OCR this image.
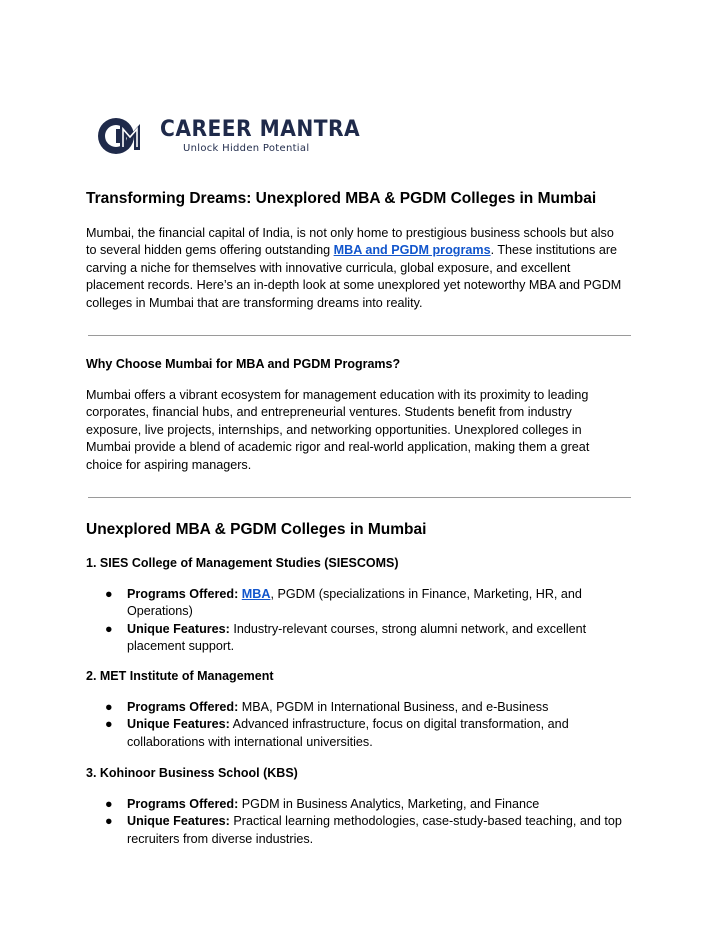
CAREER MANTRA
Unlock Hidden Potential
Transforming Dreams: Unexplored MBA & PGDM Colleges in Mumbai

Mumbai, the financial capital of India, is not only home to prestigious business schools but also
to several hidden gems offering outstanding MBA and PGDM programs. These institutions are
carving a niche for themselves with innovative curricula, global exposure, and excellent
placement records. Here’s an in-depth look at some unexplored yet noteworthy MBA and PGDM
colleges in Mumbai that are transforming dreams into reality.

Why Choose Mumbai for MBA and PGDM Programs?

Mumbai offers a vibrant ecosystem for management education with its proximity to leading
corporates, financial hubs, and entrepreneurial ventures. Students benefit from industry
exposure, live projects, internships, and networking opportunities. Unexplored colleges in
Mumbai provide a blend of academic rigor and real-world application, making them a great
choice for aspiring managers.

Unexplored MBA & PGDM Colleges in Mumbai
1. SIES College of Management Studies (SIESCOMS)
● Programs Offered: MBA, PGDM (specializations in Finance, Marketing, HR, and
Operations)
● Unique Features: Industry-relevant courses, strong alumni network, and excellent
placement support.
2. MET Institute of Management
● Programs Offered: MBA, PGDM in International Business, and e-Business
● Unique Features: Advanced infrastructure, focus on digital transformation, and
collaborations with international universities.
3. Kohinoor Business School (KBS)
● Programs Offered: PGDM in Business Analytics, Marketing, and Finance
● Unique Features: Practical learning methodologies, case-study-based teaching, and top
recruiters from diverse industries.
